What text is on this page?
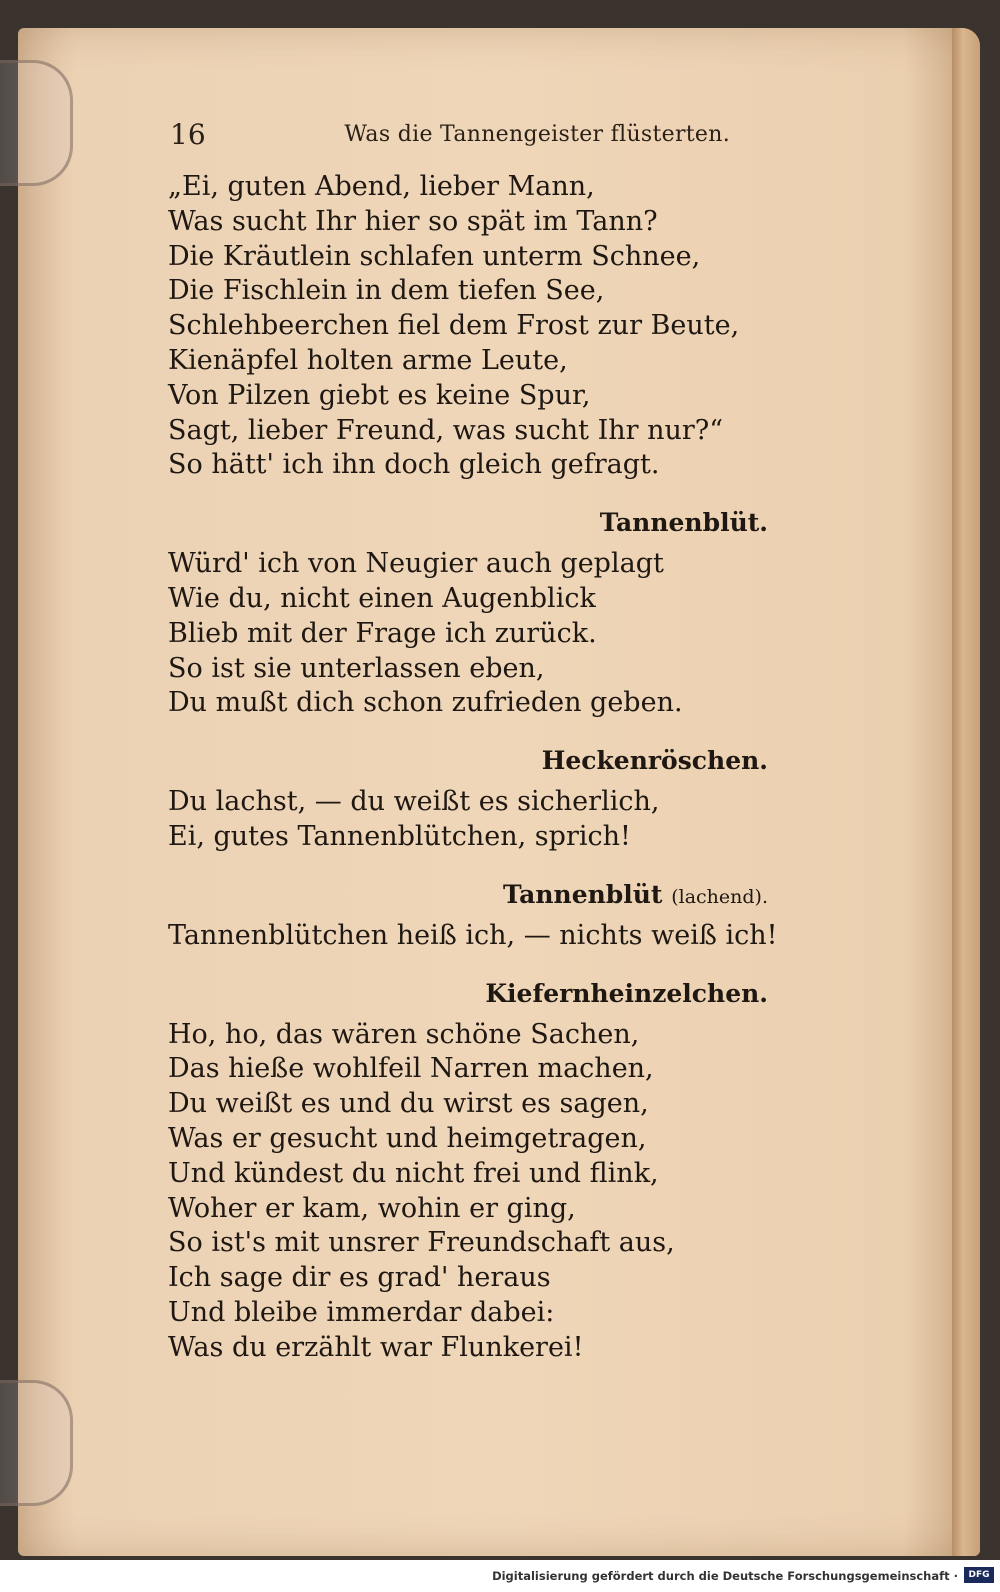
16	Was die Tannengeister flüsterten.
„Ei, guten Abend, lieber Mann,
Was sucht Ihr hier so spät im Tann?
Die Kräutlein schlafen unterm Schnee,
Die Fischlein in dem tiefen See,
Schlehbeerchen fiel dem Frost zur Beute,
Kienäpfel holten arme Leute,
Von Pilzen giebt es keine Spur,
Sagt, lieber Freund, was sucht Ihr nur?“
So hätt' ich ihn doch gleich gefragt.
Tannenblüt.
Würd' ich von Neugier auch geplagt
Wie du, nicht einen Augenblick
Blieb mit der Frage ich zurück.
So ist sie unterlassen eben,
Du mußt dich schon zufrieden geben.
Heckenröschen.
Du lachst, — du weißt es sicherlich,
Ei, gutes Tannenblütchen, sprich!
Tannenblüt (lachend).
Tannenblütchen heiß ich, — nichts weiß ich!
Kiefernheinzelchen.
Ho, ho, das wären schöne Sachen,
Das hieße wohlfeil Narren machen,
Du weißt es und du wirst es sagen,
Was er gesucht und heimgetragen,
Und kündest du nicht frei und flink,
Woher er kam, wohin er ging,
So ist's mit unsrer Freundschaft aus,
Ich sage dir es grad' heraus
Und bleibe immerdar dabei:
Was du erzählt war Flunkerei!
Digitalisierung gefördert durch die Deutsche Forschungsgemeinschaft ·	DFG
